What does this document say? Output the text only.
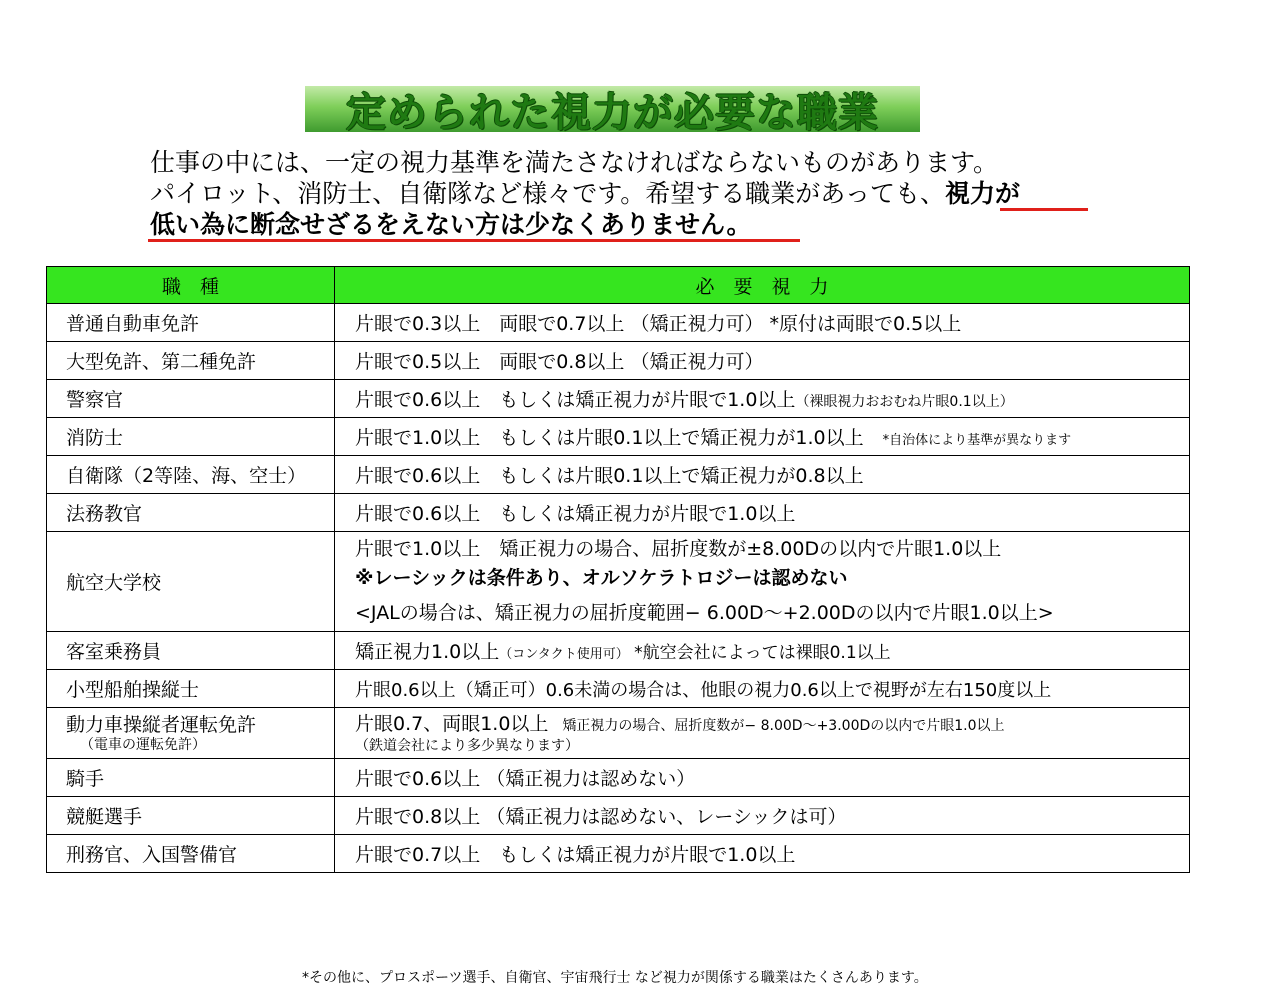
定められた視力が必要な職業
仕事の中には、一定の視力基準を満たさなければならないものがあります。
パイロット、消防士、自衛隊など様々です。希望する職業があっても、視力が
低い為に断念せざるをえない方は少なくありません。
職　種	必　要　視　力
普通自動車免許	片眼で0.3以上　両眼で0.7以上 （矯正視力可） *原付は両眼で0.5以上
大型免許、第二種免許	片眼で0.5以上　両眼で0.8以上 （矯正視力可）
警察官	片眼で0.6以上　もしくは矯正視力が片眼で1.0以上（裸眼視力おおむね片眼0.1以上）
消防士	片眼で1.0以上　もしくは片眼0.1以上で矯正視力が1.0以上　*自治体により基準が異なります
自衛隊（2等陸、海、空士）	片眼で0.6以上　もしくは片眼0.1以上で矯正視力が0.8以上
法務教官	片眼で0.6以上　もしくは矯正視力が片眼で1.0以上
航空大学校	片眼で1.0以上　矯正視力の場合、屈折度数が±8.00Dの以内で片眼1.0以上
※レーシックは条件あり、オルソケラトロジーは認めない
<JALの場合は、矯正視力の屈折度範囲− 6.00D〜+2.00Dの以内で片眼1.0以上>

客室乗務員	矯正視力1.0以上（コンタクト使用可） *航空会社によっては裸眼0.1以上
小型船舶操縦士	片眼0.6以上（矯正可）0.6未満の場合は、他眼の視力0.6以上で視野が左右150度以上

動力車操縦者運転免許
（電車の運転免許）	片眼0.7、両眼1.0以上　矯正視力の場合、屈折度数が− 8.00D〜+3.00Dの以内で片眼1.0以上
（鉄道会社により多少異なります）

騎手	片眼で0.6以上 （矯正視力は認めない）
競艇選手	片眼で0.8以上 （矯正視力は認めない、レーシックは可）
刑務官、入国警備官	片眼で0.7以上　もしくは矯正視力が片眼で1.0以上
*その他に、プロスポーツ選手、自衛官、宇宙飛行士 など視力が関係する職業はたくさんあります。
